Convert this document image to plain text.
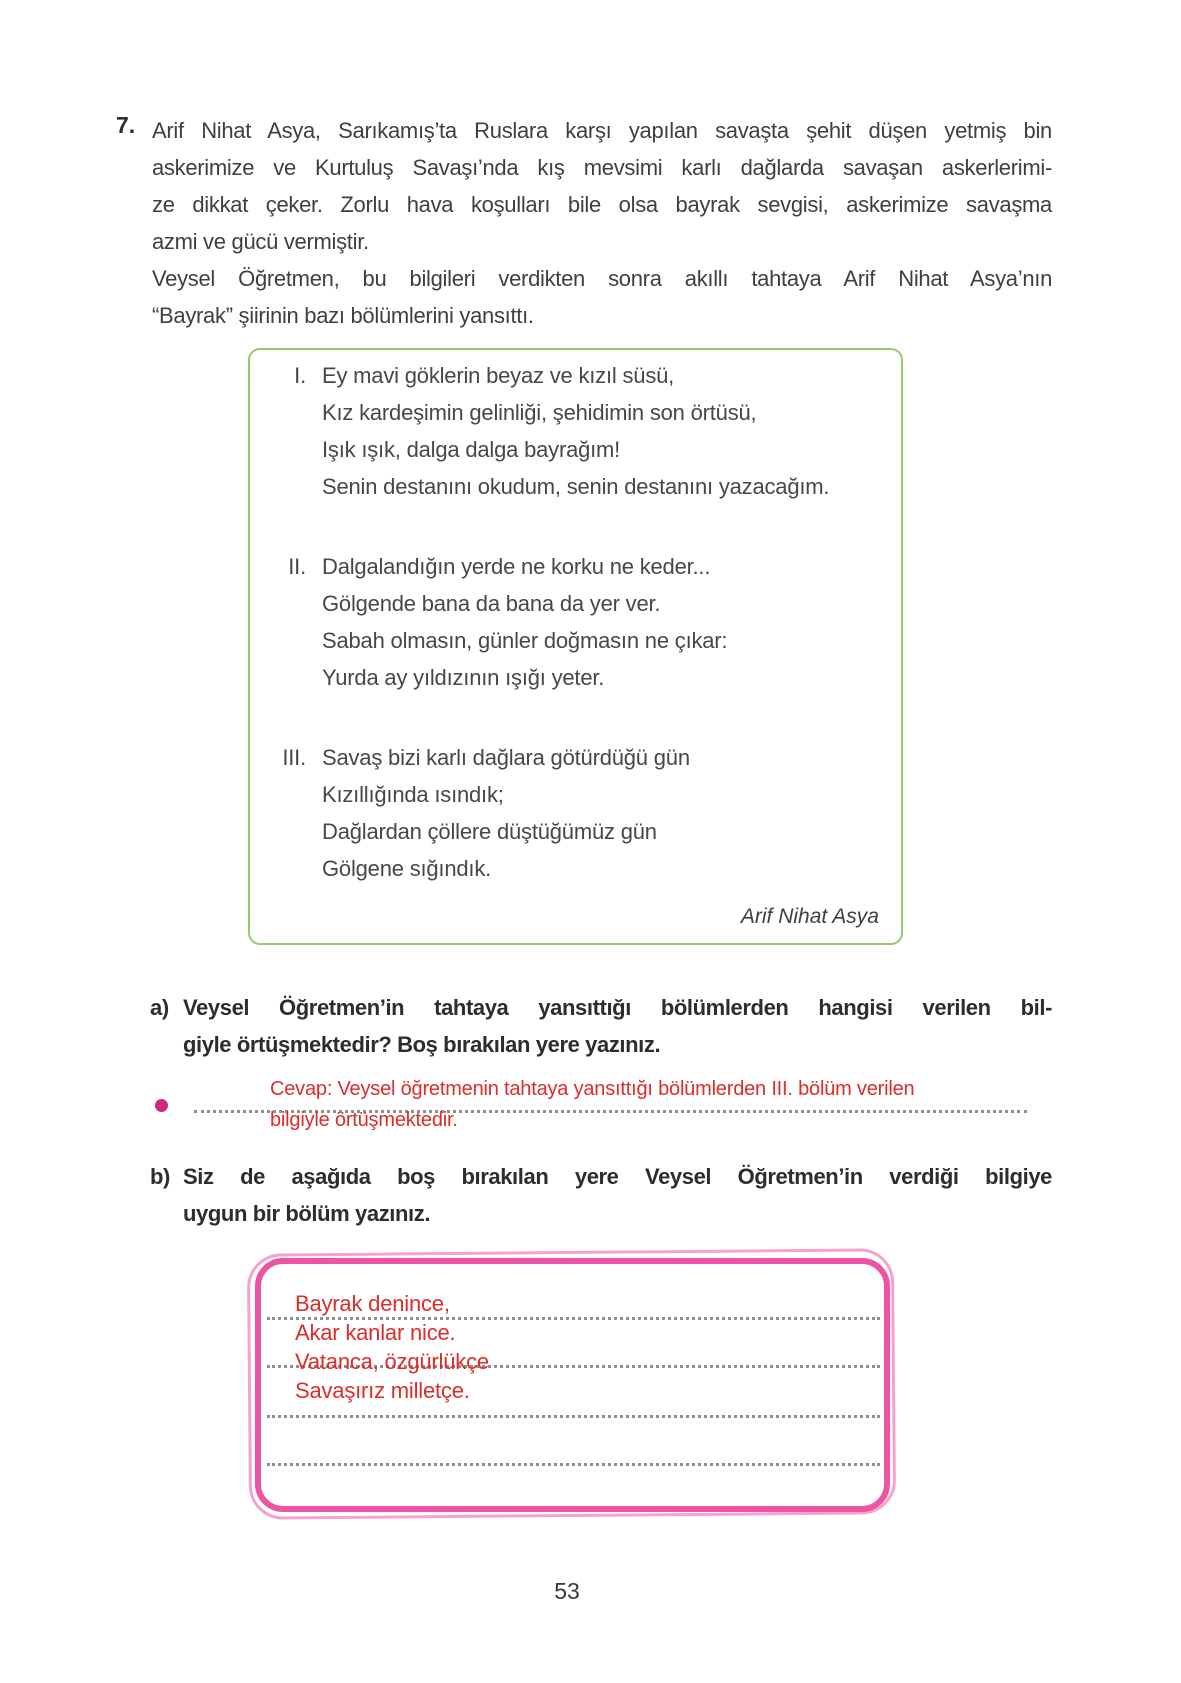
7. Arif Nihat Asya, Sarıkamış’ta Ruslara karşı yapılan savaşta şehit düşen yetmiş bin
askerimize ve Kurtuluş Savaşı’nda kış mevsimi karlı dağlarda savaşan askerlerimi-
ze dikkat çeker. Zorlu hava koşulları bile olsa bayrak sevgisi, askerimize savaşma
azmi ve gücü vermiştir.
Veysel Öğretmen, bu bilgileri verdikten sonra akıllı tahtaya Arif Nihat Asya’nın
“Bayrak” şiirinin bazı bölümlerini yansıttı.
I. Ey mavi göklerin beyaz ve kızıl süsü,
Kız kardeşimin gelinliği, şehidimin son örtüsü,
Işık ışık, dalga dalga bayrağım!
Senin destanını okudum, senin destanını yazacağım.
II. Dalgalandığın yerde ne korku ne keder...
Gölgende bana da bana da yer ver.
Sabah olmasın, günler doğmasın ne çıkar:
Yurda ay yıldızının ışığı yeter.
III. Savaş bizi karlı dağlara götürdüğü gün
Kızıllığında ısındık;
Dağlardan çöllere düştüğümüz gün
Gölgene sığındık.
Arif Nihat Asya
a) Veysel Öğretmen’in tahtaya yansıttığı bölümlerden hangisi verilen bil-
giyle örtüşmektedir? Boş bırakılan yere yazınız.
Cevap: Veysel öğretmenin tahtaya yansıttığı bölümlerden III. bölüm verilen
bilgiyle örtüşmektedir.
b) Siz de aşağıda boş bırakılan yere Veysel Öğretmen’in verdiği bilgiye
uygun bir bölüm yazınız.
Bayrak denince,
Akar kanlar nice.
Vatanca, özgürlükçe
Savaşırız milletçe.
53
